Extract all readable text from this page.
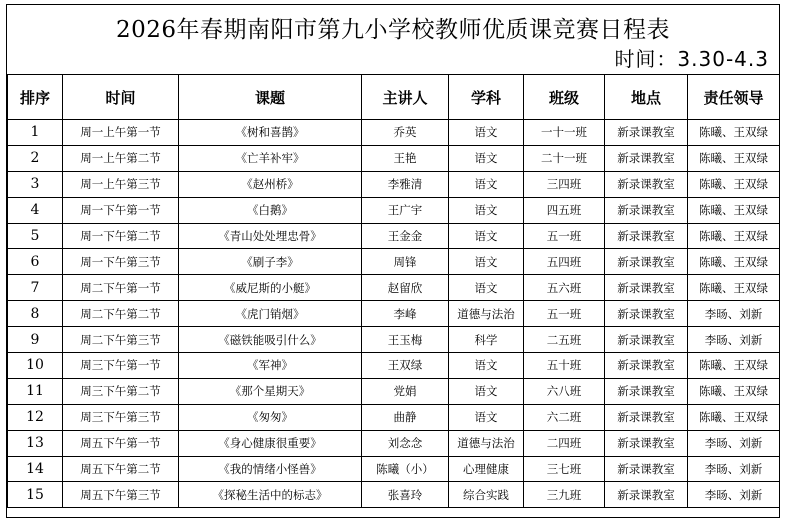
2026年春期南阳市第九小学校教师优质课竞赛日程表
时间：3.30-4.3
排序	时间	课题	主讲人	学科	班级	地点	责任领导
1	周一上午第一节	《树和喜鹊》	乔英	语文	一十一班	新录课教室	陈曦、王双绿
2	周一上午第二节	《亡羊补牢》	王艳	语文	二十一班	新录课教室	陈曦、王双绿
3	周一上午第三节	《赵州桥》	李雅清	语文	三四班	新录课教室	陈曦、王双绿
4	周一下午第一节	《白鹅》	王广宇	语文	四五班	新录课教室	陈曦、王双绿
5	周一下午第二节	《青山处处埋忠骨》	王金金	语文	五一班	新录课教室	陈曦、王双绿
6	周一下午第三节	《刷子李》	周锋	语文	五四班	新录课教室	陈曦、王双绿
7	周二下午第一节	《威尼斯的小艇》	赵留欣	语文	五六班	新录课教室	陈曦、王双绿
8	周二下午第二节	《虎门销烟》	李峰	道德与法治	五一班	新录课教室	李旸、刘新
9	周二下午第三节	《磁铁能吸引什么》	王玉梅	科学	二五班	新录课教室	李旸、刘新
10	周三下午第一节	《军神》	王双绿	语文	五十班	新录课教室	陈曦、王双绿
11	周三下午第二节	《那个星期天》	党娟	语文	六八班	新录课教室	陈曦、王双绿
12	周三下午第三节	《匆匆》	曲静	语文	六二班	新录课教室	陈曦、王双绿
13	周五下午第一节	《身心健康很重要》	刘念念	道德与法治	二四班	新录课教室	李旸、刘新
14	周五下午第二节	《我的情绪小怪兽》	陈曦（小）	心理健康	三七班	新录课教室	李旸、刘新
15	周五下午第三节	《探秘生活中的标志》	张喜玲	综合实践	三九班	新录课教室	李旸、刘新
